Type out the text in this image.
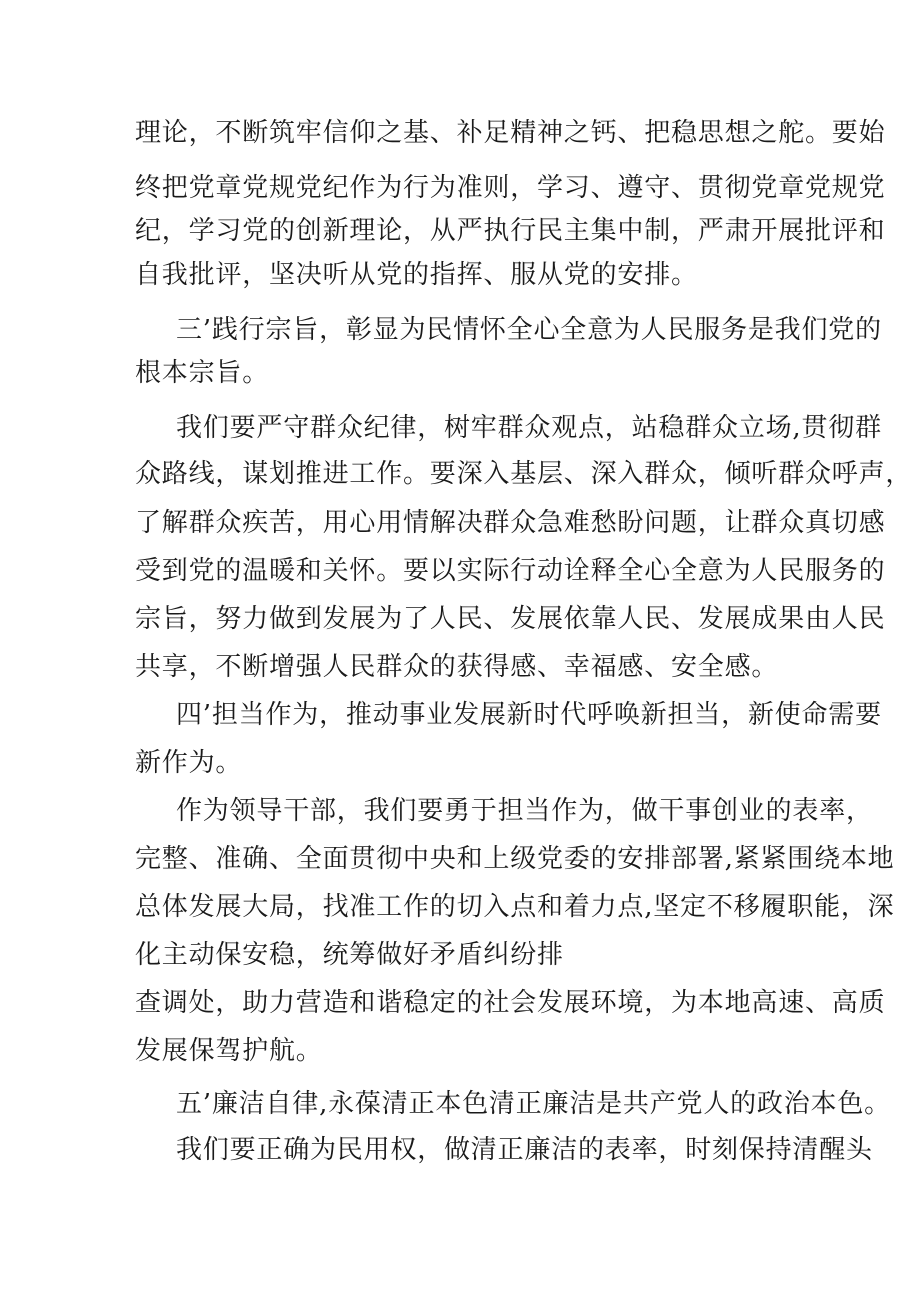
理论，不断筑牢信仰之基、补足精神之钙、把稳思想之舵。要始
终把党章党规党纪作为行为准则，学习、遵守、贯彻党章党规党
纪，学习党的创新理论，从严执行民主集中制，严肃开展批评和
自我批评，坚决听从党的指挥、服从党的安排。
三’践行宗旨，彰显为民情怀全心全意为人民服务是我们党的
根本宗旨。
我们要严守群众纪律，树牢群众观点，站稳群众立场,贯彻群
众路线，谋划推进工作。要深入基层、深入群众，倾听群众呼声，
了解群众疾苦，用心用情解决群众急难愁盼问题，让群众真切感
受到党的温暖和关怀。要以实际行动诠释全心全意为人民服务的
宗旨，努力做到发展为了人民、发展依靠人民、发展成果由人民
共享，不断增强人民群众的获得感、幸福感、安全感。
四’担当作为，推动事业发展新时代呼唤新担当，新使命需要
新作为。
作为领导干部，我们要勇于担当作为，做干事创业的表率，
完整、准确、全面贯彻中央和上级党委的安排部署,紧紧围绕本地
总体发展大局，找准工作的切入点和着力点,坚定不移履职能，深
化主动保安稳，统筹做好矛盾纠纷排
查调处，助力营造和谐稳定的社会发展环境，为本地高速、高质
发展保驾护航。
五’廉洁自律,永葆清正本色清正廉洁是共产党人的政治本色。
我们要正确为民用权，做清正廉洁的表率，时刻保持清醒头
